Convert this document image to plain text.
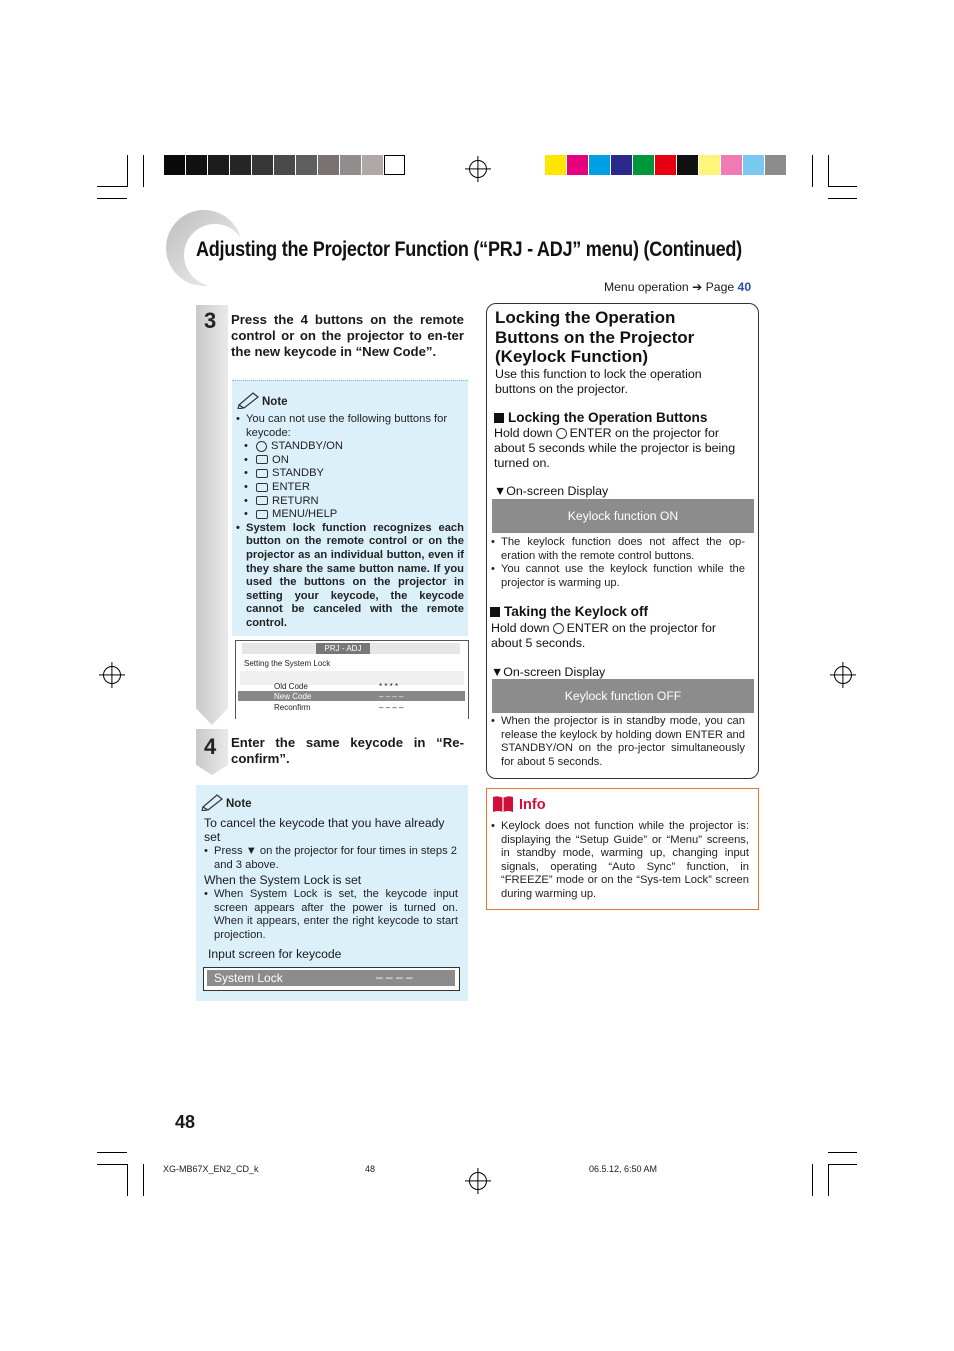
Adjusting the Projector Function (“PRJ - ADJ” menu) (Continued)
Menu operation ➔ Page 40
3 Press the 4 buttons on the remote control or on the projector to en-ter the new keycode in “New Code”.
Note
• You can not use the following buttons for keycode:
• STANDBY/ON
• ON
• STANDBY
• ENTER
• RETURN
• MENU/HELP
• System lock function recognizes each button on the remote control or on the projector as an individual button, even if they share the same button name. If you used the buttons on the projector in setting your keycode, the keycode cannot be canceled with the remote control.
PRJ - ADJ
Setting the System Lock
Old Code	* * * *
New Code	– – – –
Reconfirm	– – – –
4 Enter the same keycode in “Re-confirm”.
Note
To cancel the keycode that you have already set
• Press ▼ on the projector for four times in steps 2 and 3 above.
When the System Lock is set
• When System Lock is set, the keycode input screen appears after the power is turned on. When it appears, enter the right keycode to start projection.
Input screen for keycode
System Lock	– – – –
Locking the Operation Buttons on the Projector (Keylock Function)
Use this function to lock the operation buttons on the projector.
Locking the Operation Buttons
Hold down ENTER on the projector for about 5 seconds while the projector is being turned on.
▼On-screen Display
Keylock function ON
• The keylock function does not affect the op-eration with the remote control buttons.
• You cannot use the keylock function while the projector is warming up.
Taking the Keylock off
Hold down ENTER on the projector for about 5 seconds.
▼On-screen Display
Keylock function OFF
• When the projector is in standby mode, you can release the keylock by holding down ENTER and STANDBY/ON on the pro-jector simultaneously for about 5 seconds.
Info
• Keylock does not function while the projector is: displaying the “Setup Guide” or “Menu” screens, in standby mode, warming up, changing input signals, operating “Auto Sync” function, in “FREEZE” mode or on the “Sys-tem Lock” screen during warming up.
48
XG-MB67X_EN2_CD_k	48	06.5.12, 6:50 AM
